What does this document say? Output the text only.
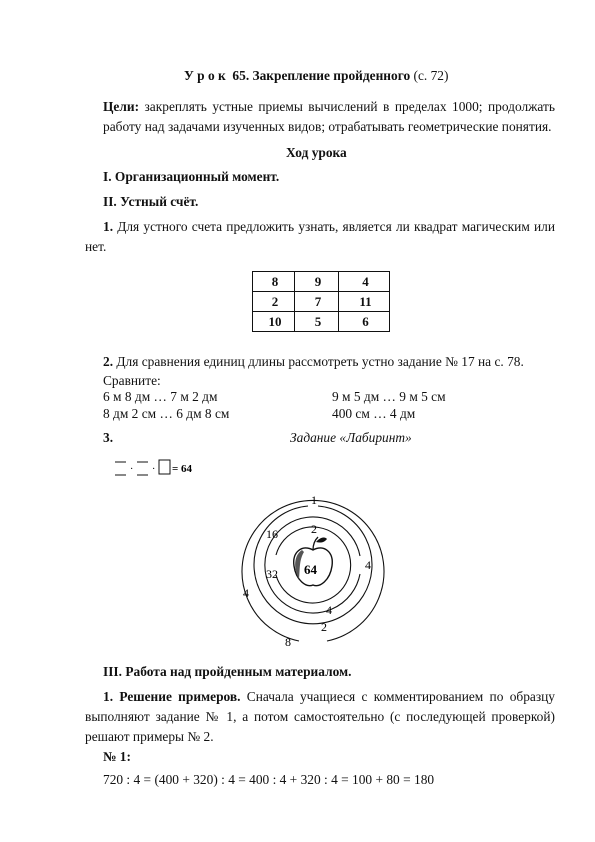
У р о к  65. Закрепление пройденного (с. 72)
Цели: закреплять устные приемы вычислений в пределах 1000; продолжать работу над задачами изученных видов; отрабатывать геометрические понятия.
Ход урока
I. Организационный момент.
II. Устный счёт.
1. Для устного счета предложить узнать, является ли квадрат магическим или нет.
8	9	4
2	7	11
10	5	6
2. Для сравнения единиц длины рассмотреть устно задание № 17 на с. 78.
Сравните:
6 м 8 дм … 7 м 2 дм	9 м 5 дм … 9 м 5 см
8 дм 2 см … 6 дм 8 см	400 см … 4 дм
3.	Задание «Лабиринт»
· · = 64
64
1
2
16
4
32
4
4
2
8
III. Работа над пройденным материалом.
1. Решение примеров. Сначала учащиеся с комментированием по образцу выполняют задание № 1, а потом самостоятельно (с последующей проверкой) решают примеры № 2.
№ 1:
720 : 4 = (400 + 320) : 4 = 400 : 4 + 320 : 4 = 100 + 80 = 180
